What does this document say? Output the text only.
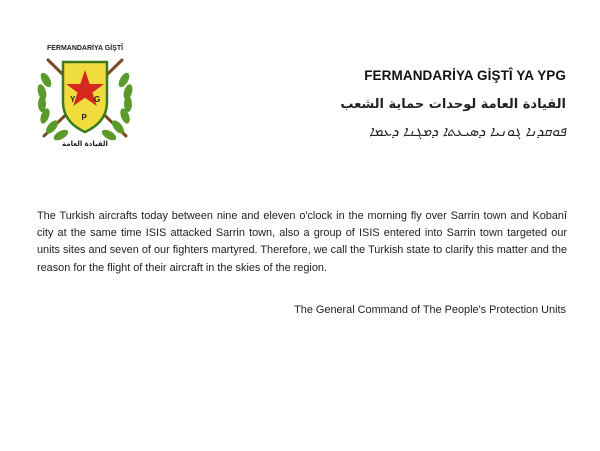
Y
P
G
FERMANDARİYA GİŞTÎ
القيادة العامة
FERMANDARİYA GİŞTÎ YA YPG
القيادة العامة لوحدات حماية الشعب
ܦܘܩܕܢܐ ܓܘܢܝܐ ܕܣܝܥܬܐ ܕܡܓܢܐ ܕܥܡܐ
The Turkish aircrafts today between nine and eleven o'clock in the morning fly over Sarrin town and Kobanî city at the same time ISIS attacked Sarrin town, also a group of ISIS entered into Sarrin town targeted our units sites and seven of our fighters martyred. Therefore, we call the Turkish state to clarify this matter and the reason for the flight of their aircraft in the skies of the region.
The General Command of The People's Protection Units
